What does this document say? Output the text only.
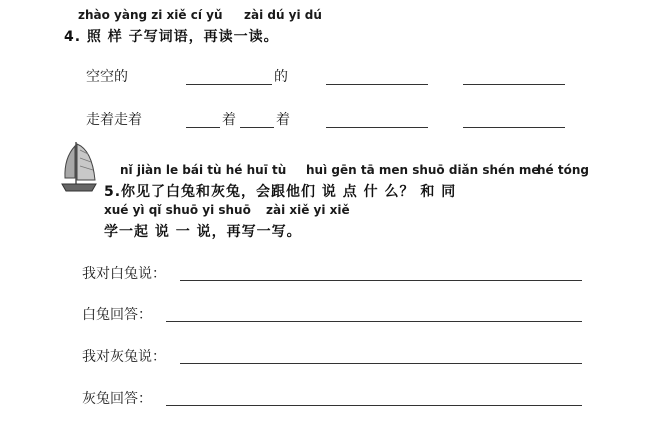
zhào yàng zi xiě cí yǔ zài dú yi dú
4. 照 样 子写词语，再读一读。
空空的	的
走着走着	着	着
nǐ jiàn le bái tù hé huī tù huì gēn tā men shuō diǎn shén me
hé tóng
5.你见了白兔和灰兔，会跟他们 说 点 什 么？ 和 同
xué yì qǐ shuō yi shuō zài xiě yi xiě
学一起 说 一 说，再写一写。
我对白兔说：
白兔回答：
我对灰兔说：
灰兔回答：
